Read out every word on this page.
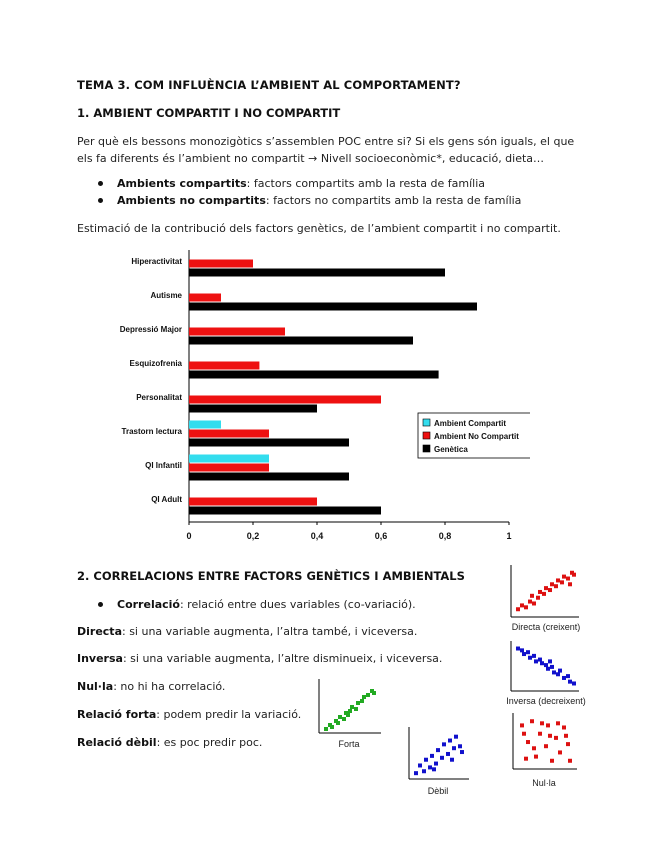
TEMA 3. COM INFLUÈNCIA L’AMBIENT AL COMPORTAMENT?
1. AMBIENT COMPARTIT I NO COMPARTIT
Per què els bessons monozigòtics s’assemblen POC entre si? Si els gens són iguals, el que
els fa diferents és l’ambient no compartit → Nivell socioeconòmic*, educació, dieta…
Ambients compartits: factors compartits amb la resta de família
Ambients no compartits: factors no compartits amb la resta de família
Estimació de la contribució dels factors genètics, de l’ambient compartit i no compartit.
0	0,2	0,4	0,6	0,8	1
Hiperactivitat
Autisme
Depressió Major
Esquizofrenia
Personalitat
Trastorn lectura
QI Infantil
QI Adult
Ambient Compartit
Ambient No Compartit
Genètica
2. CORRELACIONS ENTRE FACTORS GENÈTICS I AMBIENTALS
Correlació: relació entre dues variables (co-variació).
Directa: si una variable augmenta, l’altra també, i viceversa.
Inversa: si una variable augmenta, l’altre disminueix, i viceversa.
Nul·la: no hi ha correlació.
Relació forta: podem predir la variació.
Relació dèbil: es poc predir poc.
Directa (creixent)
Inversa (decreixent)
Forta
Dèbil
Nul·la
